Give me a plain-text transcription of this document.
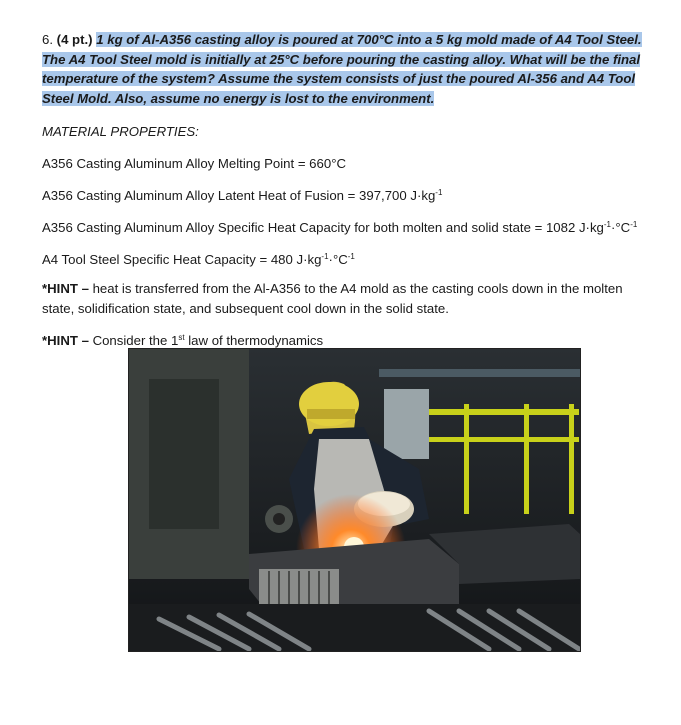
6. (4 pt.) 1 kg of Al-A356 casting alloy is poured at 700°C into a 5 kg mold made of A4 Tool Steel. The A4 Tool Steel mold is initially at 25°C before pouring the casting alloy. What will be the final temperature of the system? Assume the system consists of just the poured Al-356 and A4 Tool Steel Mold. Also, assume no energy is lost to the environment.

MATERIAL PROPERTIES:
A356 Casting Aluminum Alloy Melting Point = 660°C
A356 Casting Aluminum Alloy Latent Heat of Fusion = 397,700 $J\cdot kg^{-1}$
A356 Casting Aluminum Alloy Specific Heat Capacity for both molten and solid state = 1082 $J\cdot kg^{-1}\cdot^\circ C^{-1}$
A4 Tool Steel Specific Heat Capacity = 480 $J\cdot kg^{-1}\cdot^\circ C^{-1}$
*HINT – heat is transferred from the Al-A356 to the A4 mold as the casting cools down in the molten state, solidification state, and subsequent cool down in the solid state.
*HINT – Consider the 1st law of thermodynamics
